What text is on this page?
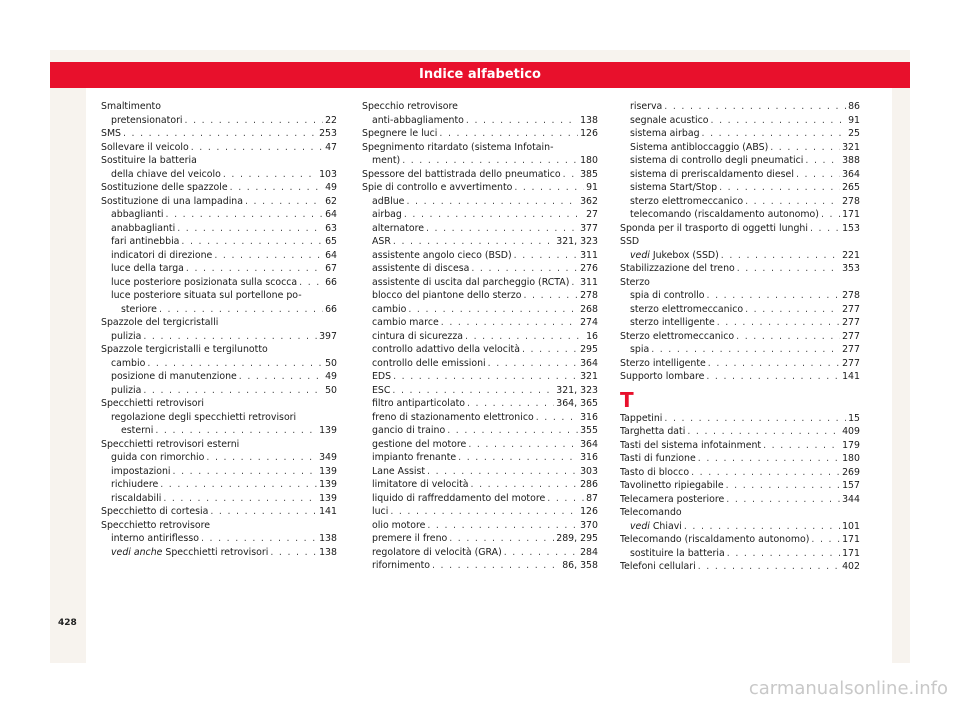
Indice alfabetico
Smaltimento
pretensionatori . . .	22
SMS . . .	253
Sollevare il veicolo . . .	47
Sostituire la batteria
della chiave del veicolo . . .	103
Sostituzione delle spazzole . . .	49
Sostituzione di una lampadina . . .	62
abbaglianti . . .	64
anabbaglianti . . .	63
fari antinebbia . . .	65
indicatori di direzione . . .	64
luce della targa . . .	67
luce posteriore posizionata sulla scocca . . .	66
luce posteriore situata sul portellone po-
steriore . . .	66
Spazzole del tergicristalli
pulizia . . .	397
Spazzole tergicristalli e tergilunotto
cambio . . .	50
posizione di manutenzione . . .	49
pulizia . . .	50
Specchietti retrovisori
regolazione degli specchietti retrovisori
esterni . . .	139
Specchietti retrovisori esterni
guida con rimorchio . . .	349
impostazioni . . .	139
richiudere . . .	139
riscaldabili . . .	139
Specchietto di cortesia . . .	141
Specchietto retrovisore
interno antiriflesso . . .	138
vedi anche Specchietti retrovisori . . .	138
Specchio retrovisore
anti-abbagliamento . . .	138
Spegnere le luci . . .	126
Spegnimento ritardato (sistema Infotain-
ment) . . .	180
Spessore del battistrada dello pneumatico . . . 385
Spie di controllo e avvertimento . . .	91
adBlue . . .	362
airbag . . .	27
alternatore . . .	377
ASR . . .	321, 323
assistente angolo cieco (BSD) . . .	311
assistente di discesa . . .	276
assistente di uscita dal parcheggio (RCTA) . . . 311
blocco del piantone dello sterzo . . .	278
cambio . . .	268
cambio marce . . .	274
cintura di sicurezza . . .	16
controllo adattivo della velocità . . .	295
controllo delle emissioni . . .	364
EDS . . .	321
ESC . . .	321, 323
filtro antiparticolato . . .	364, 365
freno di stazionamento elettronico . . .	316
gancio di traino . . .	355
gestione del motore . . .	364
impianto frenante . . .	316
Lane Assist . . .	303
limitatore di velocità . . .	286
liquido di raffreddamento del motore . . .	87
luci . . .	126
olio motore . . .	370
premere il freno . . .	289, 295
regolatore di velocità (GRA) . . .	284
rifornimento . . .	86, 358
riserva . . .	86
segnale acustico . . .	91
sistema airbag . . .	25
Sistema antibloccaggio (ABS) . . .	321
sistema di controllo degli pneumatici . . .	388
sistema di preriscaldamento diesel . . .	364
sistema Start/Stop . . .	265
sterzo elettromeccanico . . .	278
telecomando (riscaldamento autonomo) . . . 171
Sponda per il trasporto di oggetti lunghi . . .	153
SSD
vedi Jukebox (SSD) . . .	221
Stabilizzazione del treno . . .	353
Sterzo
spia di controllo . . .	278
sterzo elettromeccanico . . .	277
sterzo intelligente . . .	277
Sterzo elettromeccanico . . .	277
spia . . .	277
Sterzo intelligente . . .	277
Supporto lombare . . .	141
T
Tappetini . . .	15
Targhetta dati . . .	409
Tasti del sistema infotainment . . .	179
Tasti di funzione . . .	180
Tasto di blocco . . .	269
Tavolinetto ripiegabile . . .	157
Telecamera posteriore . . .	344
Telecomando
vedi Chiavi . . .	101
Telecomando (riscaldamento autonomo) . . .	171
sostituire la batteria . . .	171
Telefoni cellulari . . .	402
428
carmanualsonline.info
